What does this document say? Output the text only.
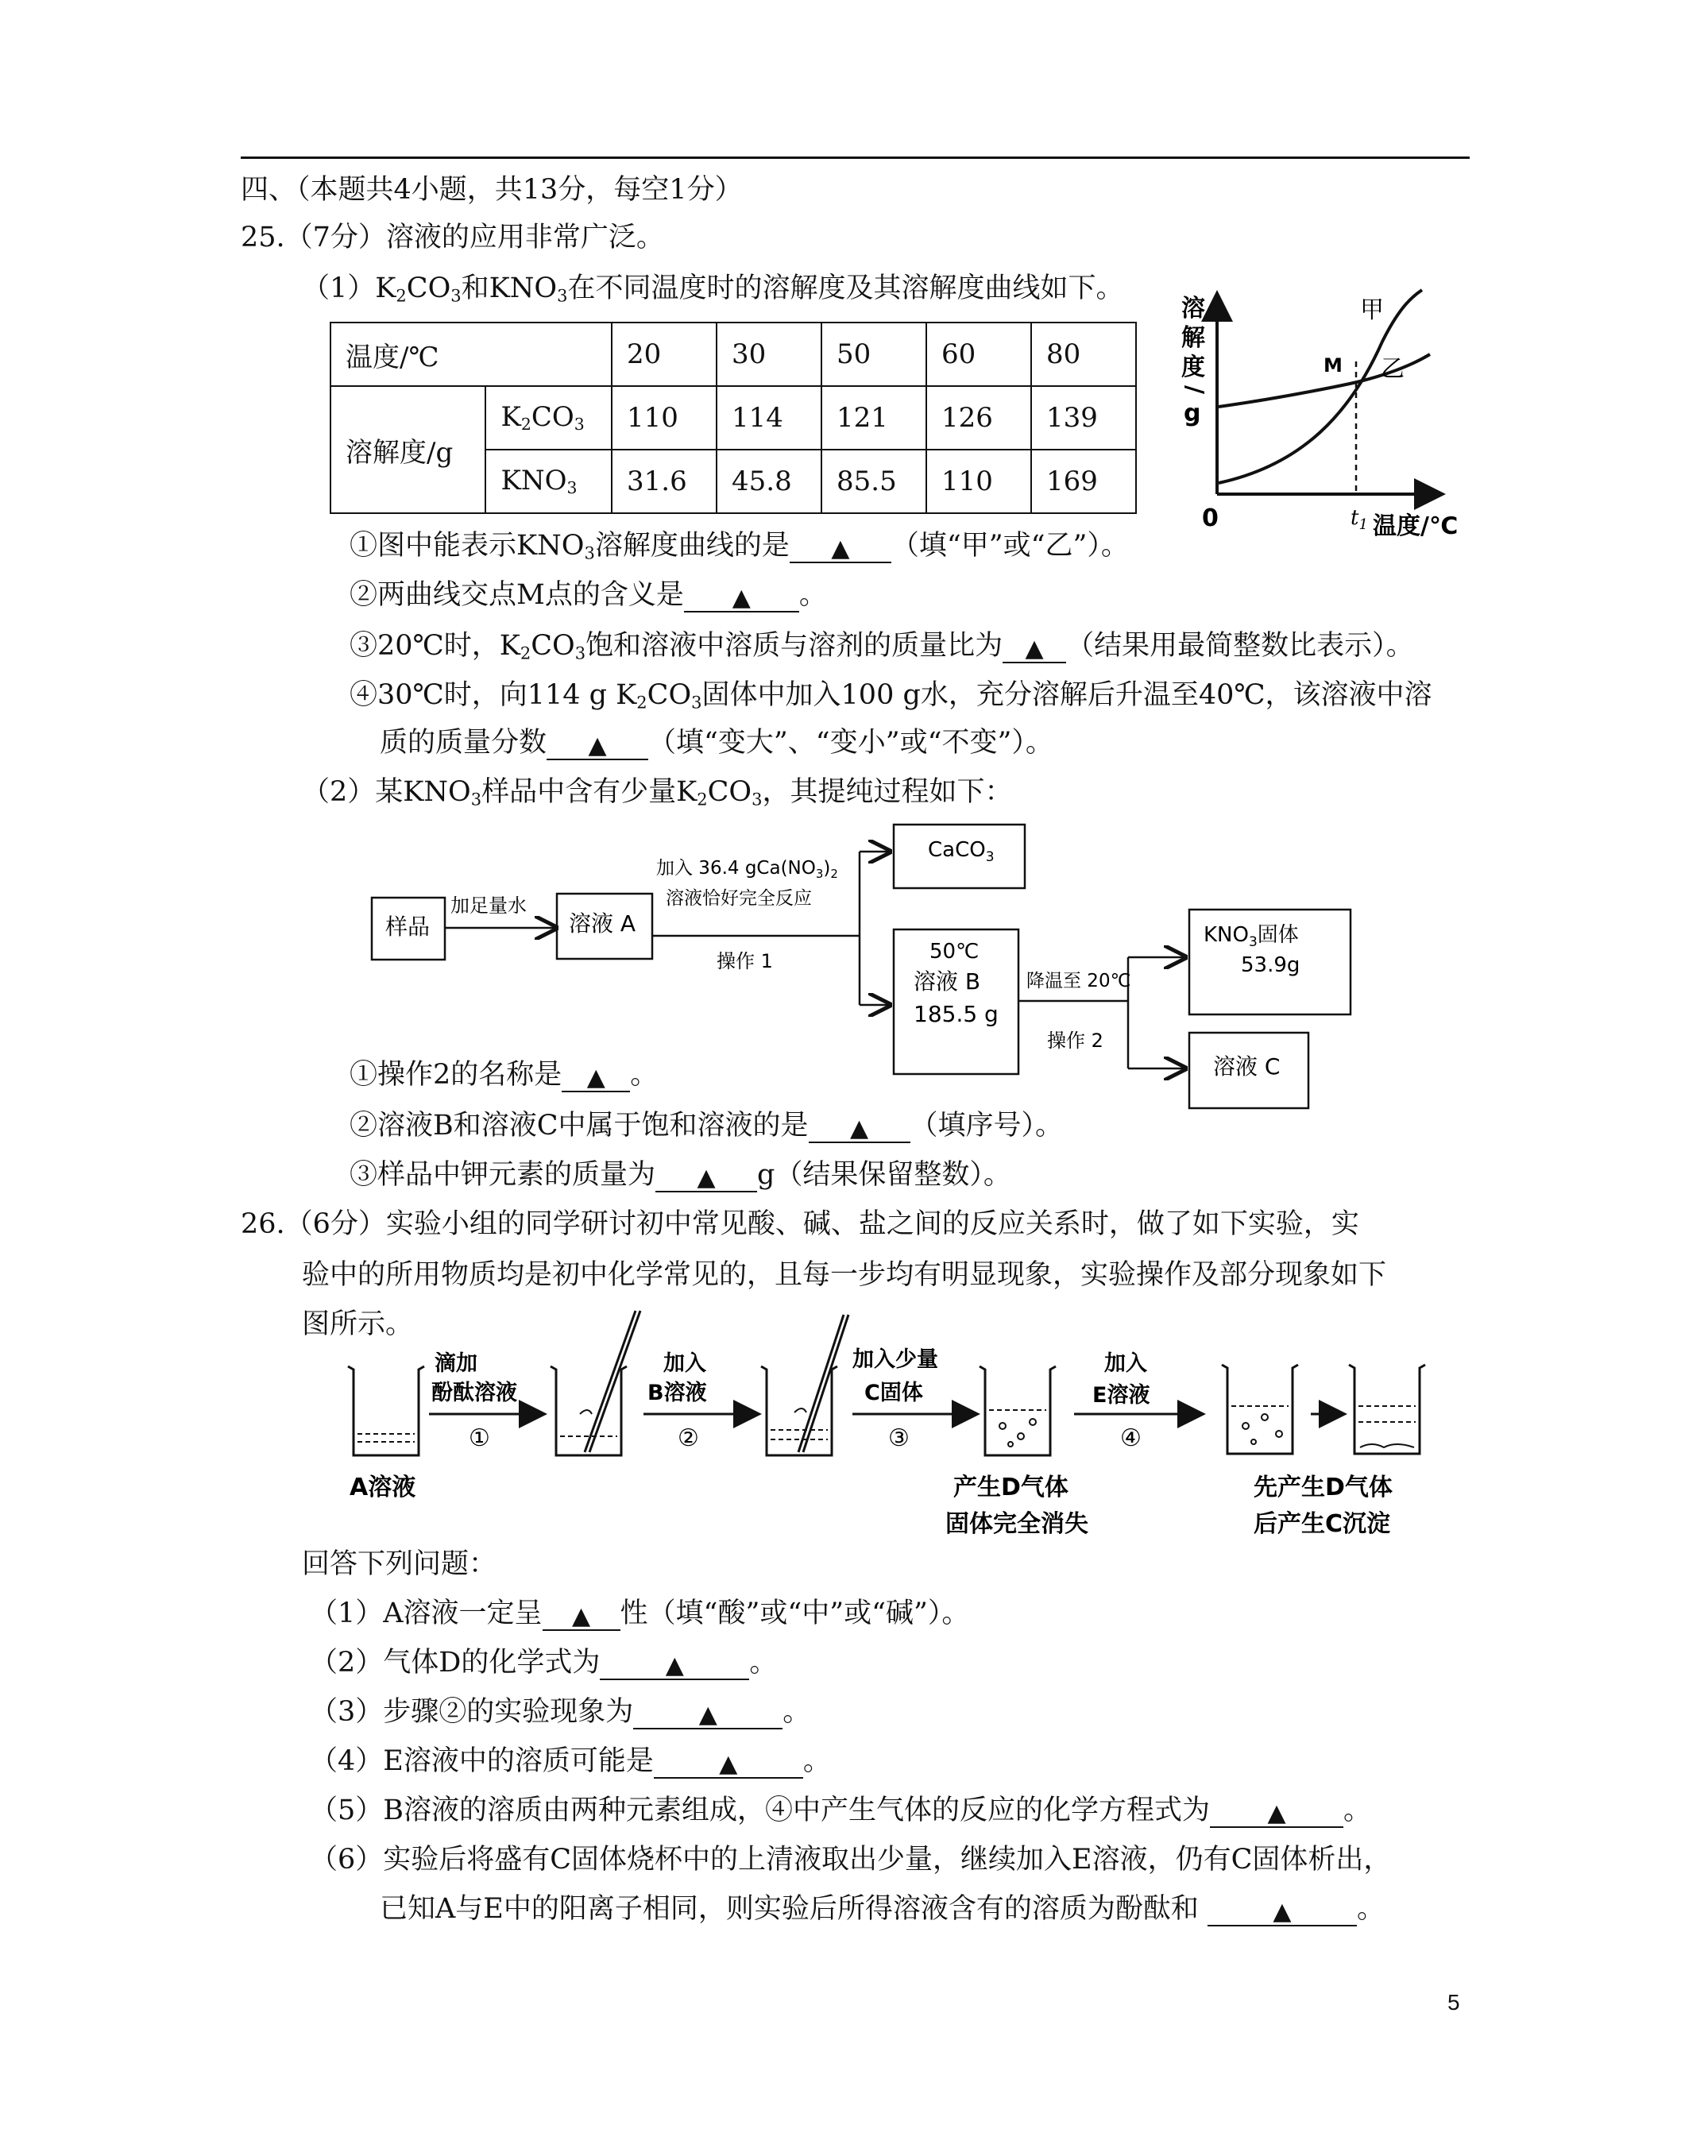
四、（本题共4小题，共13分，每空1分）
25.（7分）溶液的应用非常广泛。
$(1)K_2CO_3$和$KNO_3$在不同温度时的溶解度及其溶解度曲线如下。
温度/℃		20	30	50	60	80
溶解度/g	$K_2CO_3$	110	114	121	126	139
	$KNO_3$	31.6	45.8	85.5	110	169
溶
解
度
/
g
0	$t_1$ 温度/℃
M
甲
乙
①图中能表示$KNO_3$溶解度曲线的是 ▲ （填“甲”或“乙”）。
②两曲线交点M点的含义是 ▲ 。
③20℃时，$K_2CO_3$饱和溶液中溶质与溶剂的质量比为 ▲ （结果用最简整数比表示）。
④30℃时，向114 g $K_2CO_3$固体中加入100 g水，充分溶解后升温至40℃，该溶液中溶
质的质量分数 ▲ （填“变大”、“变小”或“不变”）。
（2）某$KNO_3$样品中含有少量$K_2CO_3$，其提纯过程如下：
样品
加足量水
溶液 A
加入 36.4 $gCa(NO_3)_2$
溶液恰好完全反应
操作 1
CaCO$_3$
50℃
溶液 B
185.5 g
降温至 20℃
操作 2
$KNO_3$固体
53.9g
溶液 C
①操作2的名称是 ▲ 。
②溶液B和溶液C中属于饱和溶液的是 ▲ （填序号）。
③样品中钾元素的质量为 ▲ g（结果保留整数）。
26.（6分）实验小组的同学研讨初中常见酸、碱、盐之间的反应关系时，做了如下实验，实
验中的所用物质均是初中化学常见的，且每一步均有明显现象，实验操作及部分现象如下
图所示。
滴加
酚酞溶液
①
加入
B溶液
②
加入少量
C固体
③
加入
E溶液
④
A溶液	产生D气体
固体完全消失
先产生D气体
后产生C沉淀
回答下列问题：
（1）A溶液一定呈 ▲ 性（填“酸”或“中”或“碱”）。
（2）气体D的化学式为	▲ 。
（3）步骤②的实验现象为	▲ 。
（4）E溶液中的溶质可能是	▲ 。
（5）B溶液的溶质由两种元素组成，④中产生气体的反应的化学方程式为 ▲ 。
（6）实验后将盛有C固体烧杯中的上清液取出少量，继续加入E溶液，仍有C固体析出，
已知A与E中的阳离子相同，则实验后所得溶液含有的溶质为酚酞和	▲ 。
5
